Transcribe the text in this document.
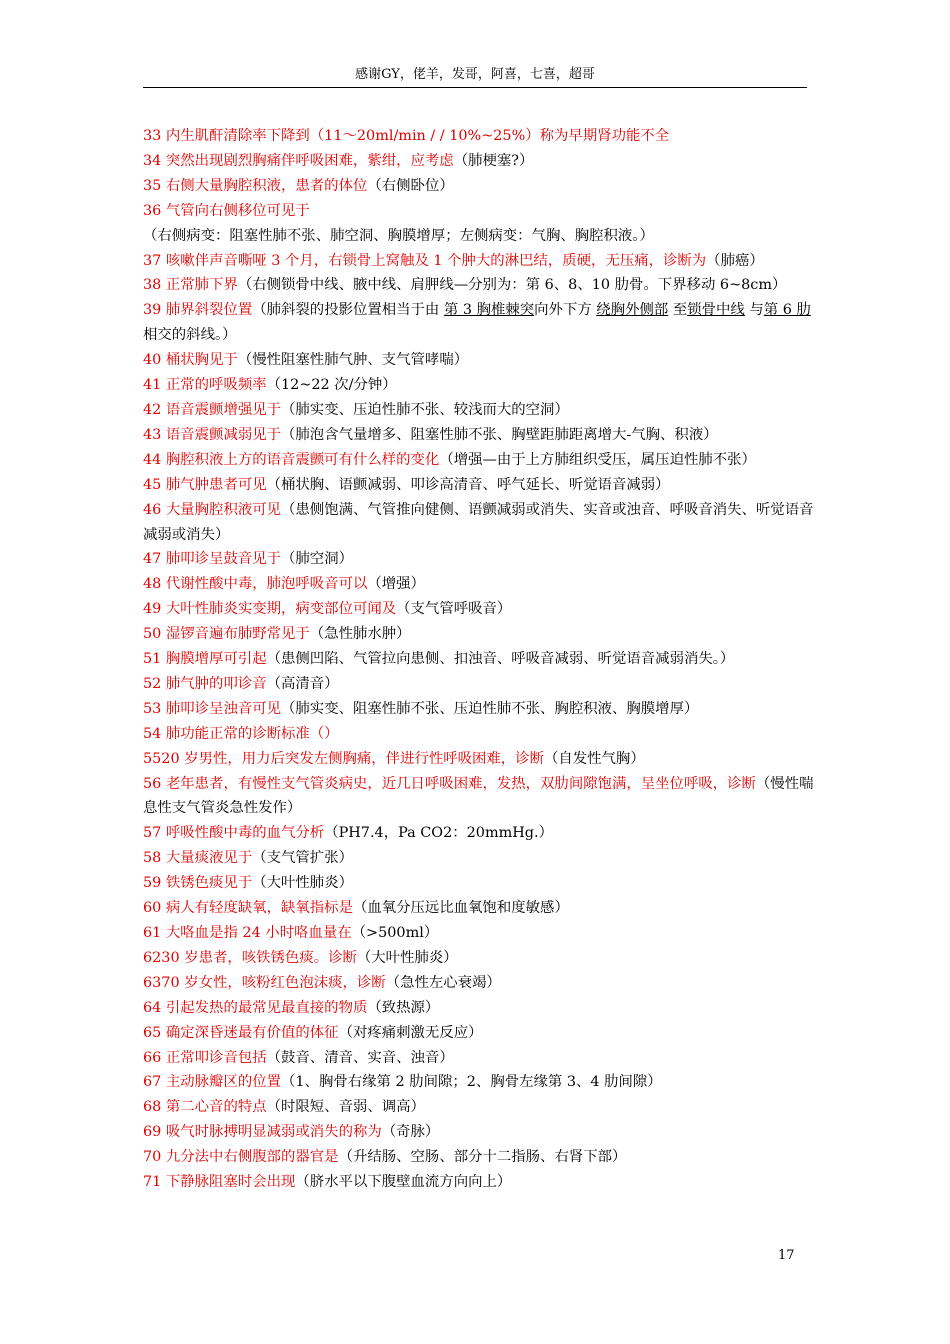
感谢GY，佬羊，发哥，阿喜，七喜，超哥

33 内生肌酐清除率下降到（11～20ml/min / / 10%~25%）称为早期肾功能不全

34 突然出现剧烈胸痛伴呼吸困难，紫绀，应考虑（肺梗塞?）

35 右侧大量胸腔积液，患者的体位（右侧卧位）

36 气管向右侧移位可见于（右侧病变：阻塞性肺不张、肺空洞、胸膜增厚；左侧病变：气胸、胸腔积液。）

37 咳嗽伴声音嘶哑 3 个月，右锁骨上窝触及 1 个肿大的淋巴结，质硬，无压痛，诊断为（肺癌）

38 正常肺下界（右侧锁骨中线、腋中线、肩胛线—分别为：第 6、8、10 肋骨。下界移动 6~8cm）

39 肺界斜裂位置（肺斜裂的投影位置相当于由 第 3 胸椎棘突向外下方 绕胸外侧部 至锁骨中线 与第 6 肋相交的斜线。）

40 桶状胸见于（慢性阻塞性肺气肿、支气管哮喘）

41 正常的呼吸频率（12~22 次/分钟）

42 语音震颤增强见于（肺实变、压迫性肺不张、较浅而大的空洞）

43 语音震颤减弱见于（肺泡含气量增多、阻塞性肺不张、胸壁距肺距离增大-气胸、积液）

44 胸腔积液上方的语音震颤可有什么样的变化（增强—由于上方肺组织受压，属压迫性肺不张）

45 肺气肿患者可见（桶状胸、语颤减弱、叩诊高清音、呼气延长、听觉语音减弱）

46 大量胸腔积液可见（患侧饱满、气管推向健侧、语颤减弱或消失、实音或浊音、呼吸音消失、听觉语音减弱或消失）

47 肺叩诊呈鼓音见于（肺空洞）

48 代谢性酸中毒，肺泡呼吸音可以（增强）

49 大叶性肺炎实变期，病变部位可闻及（支气管呼吸音）

50 湿锣音遍布肺野常见于（急性肺水肿）

51 胸膜增厚可引起（患侧凹陷、气管拉向患侧、扣浊音、呼吸音减弱、听觉语音减弱消失。）

52 肺气肿的叩诊音（高清音）

53 肺叩诊呈浊音可见（肺实变、阻塞性肺不张、压迫性肺不张、胸腔积液、胸膜增厚）

54 肺功能正常的诊断标准（）

5520 岁男性，用力后突发左侧胸痛，伴进行性呼吸困难，诊断（自发性气胸）

56 老年患者，有慢性支气管炎病史，近几日呼吸困难，发热，双肋间隙饱满，呈坐位呼吸，诊断（慢性喘息性支气管炎急性发作）

57 呼吸性酸中毒的血气分析（PH7.4，Pa CO2：20mmHg.）

58 大量痰液见于（支气管扩张）

59 铁锈色痰见于（大叶性肺炎）

60 病人有轻度缺氧，缺氧指标是（血氧分压远比血氧饱和度敏感）

61 大咯血是指 24 小时咯血量在（>500ml）

6230 岁患者，咳铁锈色痰。诊断（大叶性肺炎）

6370 岁女性，咳粉红色泡沫痰，诊断（急性左心衰竭）

64 引起发热的最常见最直接的物质（致热源）

65 确定深昏迷最有价值的体征（对疼痛刺激无反应）

66 正常叩诊音包括（鼓音、清音、实音、浊音）

67 主动脉瓣区的位置（1、胸骨右缘第 2 肋间隙；2、胸骨左缘第 3、4 肋间隙）

68 第二心音的特点（时限短、音弱、调高）

69 吸气时脉搏明显减弱或消失的称为（奇脉）

70 九分法中右侧腹部的器官是（升结肠、空肠、部分十二指肠、右肾下部）

71 下静脉阻塞时会出现（脐水平以下腹壁血流方向向上）

17
